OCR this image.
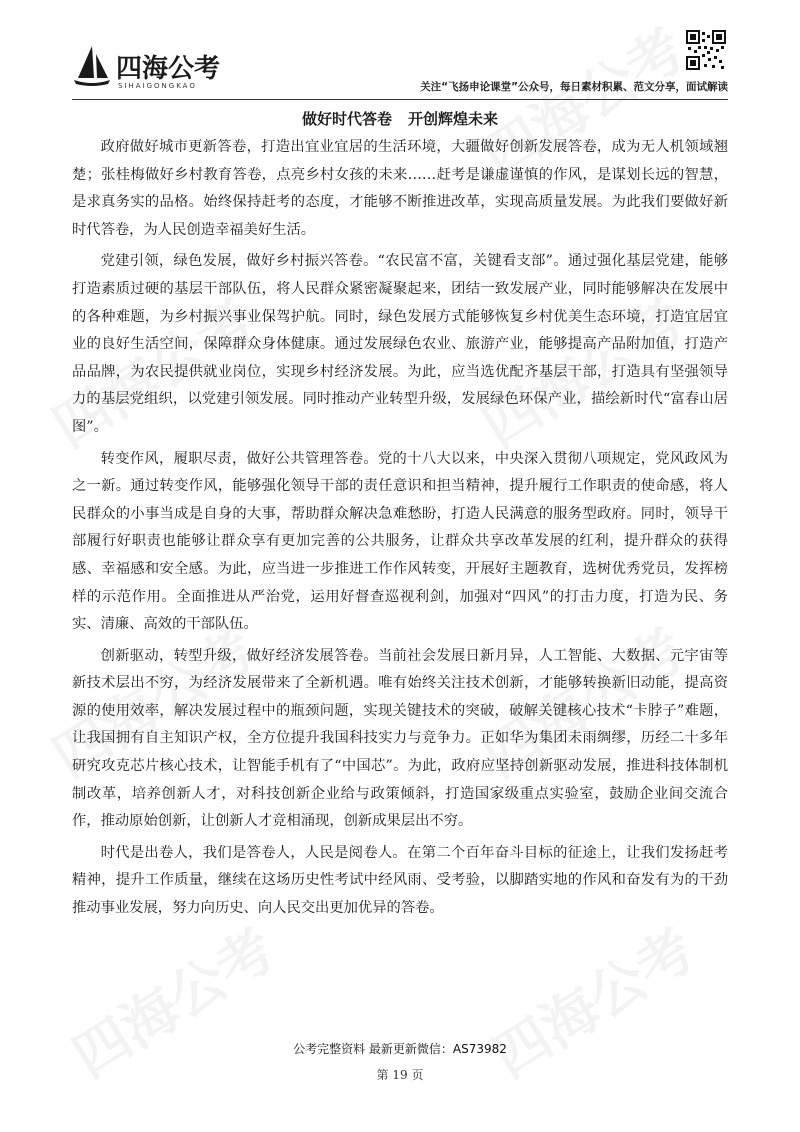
四海公考
SIHAIGONGKAO	关注“飞扬申论课堂”公众号，每日素材积累、范文分享，面试解读
做好时代答卷 开创辉煌未来

政府做好城市更新答卷，打造出宜业宜居的生活环境，大疆做好创新发展答卷，成为无人机领域翘楚；张桂梅做好乡村教育答卷，点亮乡村女孩的未来……赶考是谦虚谨慎的作风，是谋划长远的智慧，是求真务实的品格。始终保持赶考的态度，才能够不断推进改革，实现高质量发展。为此我们要做好新时代答卷，为人民创造幸福美好生活。

党建引领，绿色发展，做好乡村振兴答卷。“农民富不富，关键看支部”。通过强化基层党建，能够打造素质过硬的基层干部队伍，将人民群众紧密凝聚起来，团结一致发展产业，同时能够解决在发展中的各种难题，为乡村振兴事业保驾护航。同时，绿色发展方式能够恢复乡村优美生态环境，打造宜居宜业的良好生活空间，保障群众身体健康。通过发展绿色农业、旅游产业，能够提高产品附加值，打造产品品牌，为农民提供就业岗位，实现乡村经济发展。为此，应当选优配齐基层干部，打造具有坚强领导力的基层党组织，以党建引领发展。同时推动产业转型升级，发展绿色环保产业，描绘新时代“富春山居图”。

转变作风，履职尽责，做好公共管理答卷。党的十八大以来，中央深入贯彻八项规定，党风政风为之一新。通过转变作风，能够强化领导干部的责任意识和担当精神，提升履行工作职责的使命感，将人民群众的小事当成是自身的大事，帮助群众解决急难愁盼，打造人民满意的服务型政府。同时，领导干部履行好职责也能够让群众享有更加完善的公共服务，让群众共享改革发展的红利，提升群众的获得感、幸福感和安全感。为此，应当进一步推进工作作风转变，开展好主题教育，选树优秀党员，发挥榜样的示范作用。全面推进从严治党，运用好督查巡视利剑，加强对“四风”的打击力度，打造为民、务实、清廉、高效的干部队伍。

创新驱动，转型升级，做好经济发展答卷。当前社会发展日新月异，人工智能、大数据、元宇宙等新技术层出不穷，为经济发展带来了全新机遇。唯有始终关注技术创新，才能够转换新旧动能，提高资源的使用效率，解决发展过程中的瓶颈问题，实现关键技术的突破，破解关键核心技术“卡脖子”难题，让我国拥有自主知识产权，全方位提升我国科技实力与竞争力。正如华为集团未雨绸缪，历经二十多年研究攻克芯片核心技术，让智能手机有了“中国芯”。为此，政府应坚持创新驱动发展，推进科技体制机制改革，培养创新人才，对科技创新企业给与政策倾斜，打造国家级重点实验室，鼓励企业间交流合作，推动原始创新，让创新人才竞相涌现，创新成果层出不穷。

时代是出卷人，我们是答卷人，人民是阅卷人。在第二个百年奋斗目标的征途上，让我们发扬赶考精神，提升工作质量，继续在这场历史性考试中经风雨、受考验，以脚踏实地的作风和奋发有为的干劲推动事业发展，努力向历史、向人民交出更加优异的答卷。

公考完整资料 最新更新微信：AS73982
第 19 页
